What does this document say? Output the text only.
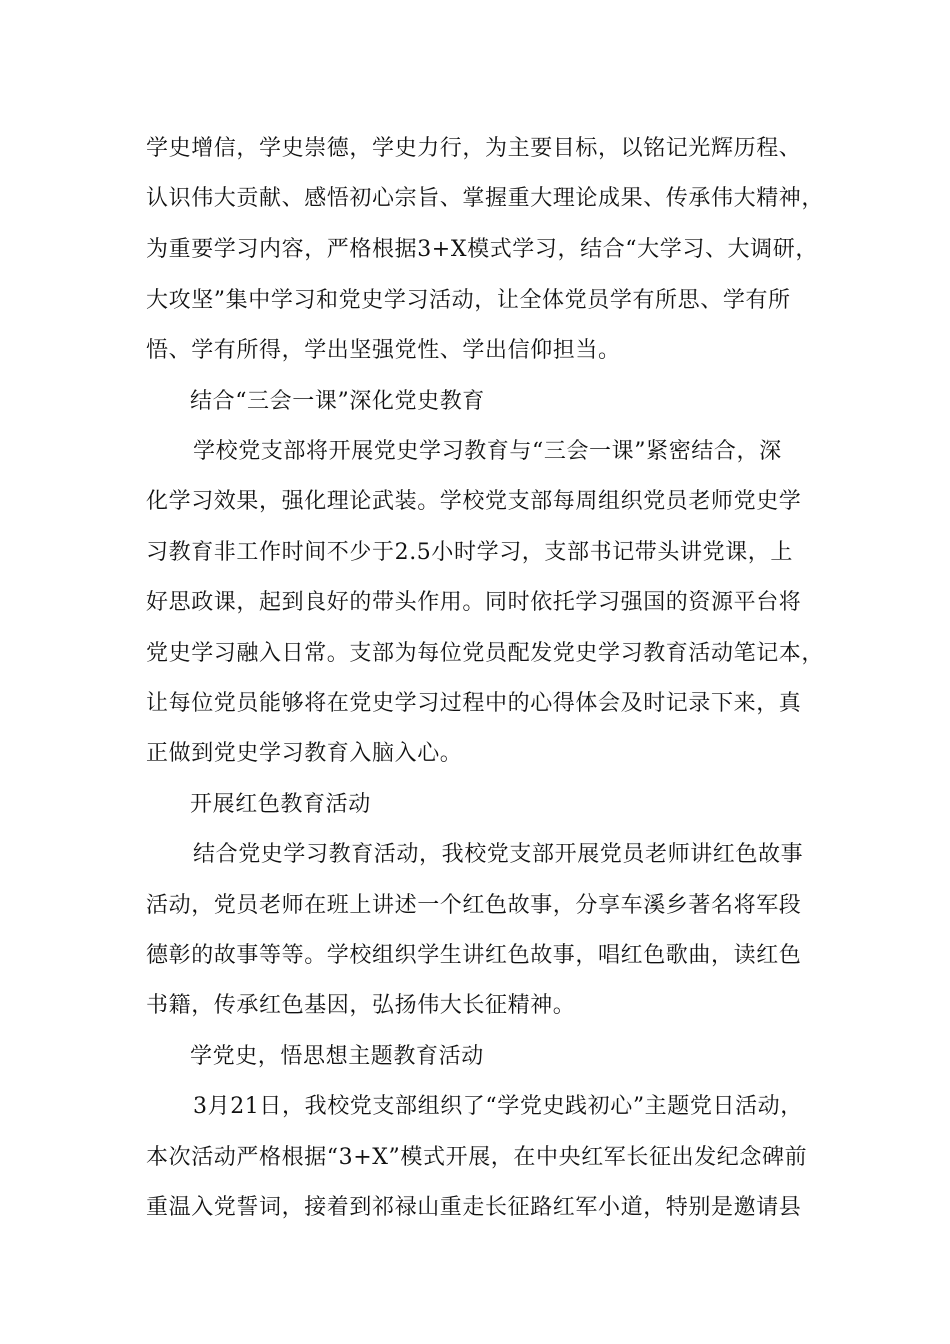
学史增信，学史崇德，学史力行，为主要目标，以铭记光辉历程、
认识伟大贡献、感悟初心宗旨、掌握重大理论成果、传承伟大精神，
为重要学习内容，严格根据3+X模式学习，结合“大学习、大调研，
大攻坚”集中学习和党史学习活动，让全体党员学有所思、学有所
悟、学有所得，学出坚强党性、学出信仰担当。
结合“三会一课”深化党史教育
学校党支部将开展党史学习教育与“三会一课”紧密结合，深
化学习效果，强化理论武装。学校党支部每周组织党员老师党史学
习教育非工作时间不少于2.5小时学习，支部书记带头讲党课，上
好思政课，起到良好的带头作用。同时依托学习强国的资源平台将
党史学习融入日常。支部为每位党员配发党史学习教育活动笔记本，
让每位党员能够将在党史学习过程中的心得体会及时记录下来，真
正做到党史学习教育入脑入心。
开展红色教育活动
结合党史学习教育活动，我校党支部开展党员老师讲红色故事
活动，党员老师在班上讲述一个红色故事，分享车溪乡著名将军段
德彰的故事等等。学校组织学生讲红色故事，唱红色歌曲，读红色
书籍，传承红色基因，弘扬伟大长征精神。
学党史，悟思想主题教育活动
3月21日，我校党支部组织了“学党史践初心”主题党日活动，
本次活动严格根据“3+X”模式开展，在中央红军长征出发纪念碑前
重温入党誓词，接着到祁禄山重走长征路红军小道，特别是邀请县
